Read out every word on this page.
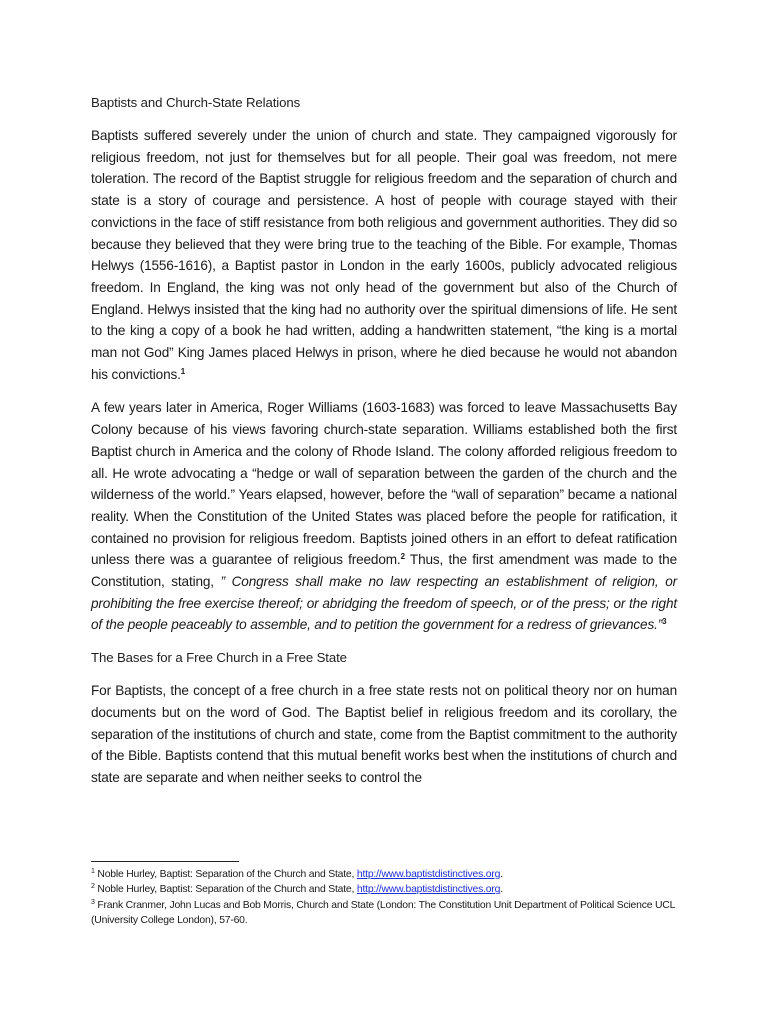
Baptists and Church-State Relations

Baptists suffered severely under the union of church and state. They campaigned vigorously for religious freedom, not just for themselves but for all people. Their goal was freedom, not mere toleration. The record of the Baptist struggle for religious freedom and the separation of church and state is a story of courage and persistence. A host of people with courage stayed with their convictions in the face of stiff resistance from both religious and government authorities. They did so because they believed that they were bring true to the teaching of the Bible. For example, Thomas Helwys (1556-1616), a Baptist pastor in London in the early 1600s, publicly advocated religious freedom. In England, the king was not only head of the government but also of the Church of England. Helwys insisted that the king had no authority over the spiritual dimensions of life. He sent to the king a copy of a book he had written, adding a handwritten statement, “the king is a mortal man not God” King James placed Helwys in prison, where he died because he would not abandon his convictions.$^1$

A few years later in America, Roger Williams (1603-1683) was forced to leave Massachusetts Bay Colony because of his views favoring church-state separation. Williams established both the first Baptist church in America and the colony of Rhode Island. The colony afforded religious freedom to all. He wrote advocating a “hedge or wall of separation between the garden of the church and the wilderness of the world.” Years elapsed, however, before the “wall of separation” became a national reality. When the Constitution of the United States was placed before the people for ratification, it contained no provision for religious freedom. Baptists joined others in an effort to defeat ratification unless there was a guarantee of religious freedom.$^2$ Thus, the first amendment was made to the Constitution, stating, ” Congress shall make no law respecting an establishment of religion, or prohibiting the free exercise thereof; or abridging the freedom of speech, or of the press; or the right of the people peaceably to assemble, and to petition the government for a redress of grievances.”$^3$

The Bases for a Free Church in a Free State

For Baptists, the concept of a free church in a free state rests not on political theory nor on human documents but on the word of God. The Baptist belief in religious freedom and its corollary, the separation of the institutions of church and state, come from the Baptist commitment to the authority of the Bible. Baptists contend that this mutual benefit works best when the institutions of church and state are separate and when neither seeks to control the

$^1$ Noble Hurley, Baptist: Separation of the Church and State, http://www.baptistdistinctives.org.
$^2$ Noble Hurley, Baptist: Separation of the Church and State, http://www.baptistdistinctives.org.
$^3$ Frank Cranmer, John Lucas and Bob Morris, Church and State (London: The Constitution Unit Department of Political Science UCL (University College London), 57-60.
